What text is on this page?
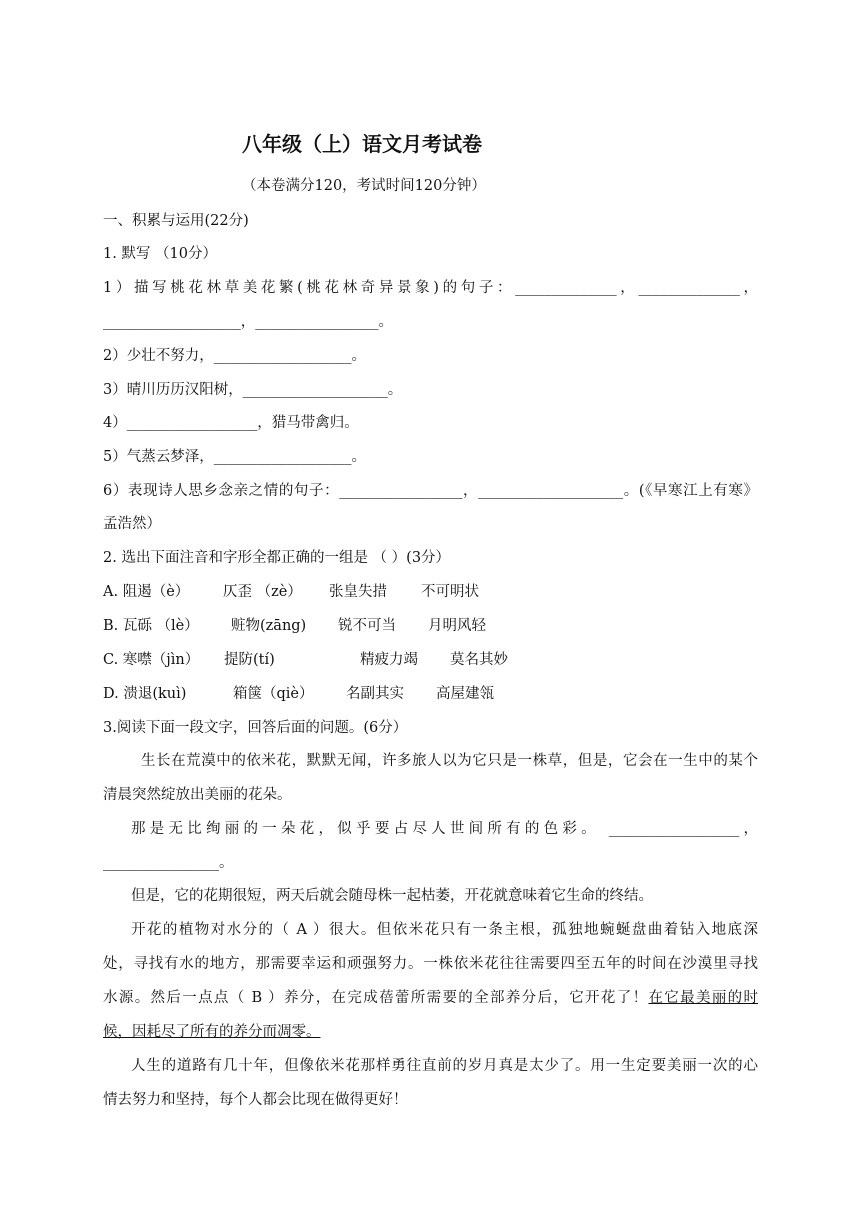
八年级（上）语文月考试卷
（本卷满分120，考试时间120分钟）
一、积累与运用(22分)
1. 默写 （10分）
1）描写桃花林草美花繁(桃花林奇异景象)的句子：______________，______________，
___________________，_________________。
2）少壮不努力，___________________。
3）晴川历历汉阳树，____________________。
4）__________________，猎马带禽归。
5）气蒸云梦泽，___________________。
6）表现诗人思乡念亲之情的句子：_________________，____________________。(《早寒江上有寒》
孟浩然）
2. 选出下面注音和字形全都正确的一组是 （ ）(3分）
A. 阻遏（è） 仄歪 （zè） 张皇失措 不可明状
B. 瓦砾 （lè） 赃物(zāng) 锐不可当 月明风轻
C. 寒噤（jìn） 提防(tí)	精疲力竭 莫名其妙
D. 溃退(kuì)	箱箧（qiè） 名副其实 高屋建瓴
3.阅读下面一段文字，回答后面的问题。(6分）
生长在荒漠中的依米花，默默无闻，许多旅人以为它只是一株草，但是，它会在一生中的某个
清晨突然绽放出美丽的花朵。
那是无比绚丽的一朵花，似乎要占尽人世间所有的色彩。 __________________，
________________。
但是，它的花期很短，两天后就会随母株一起枯萎，开花就意味着它生命的终结。
开花的植物对水分的（ A ）很大。但依米花只有一条主根，孤独地蜿蜒盘曲着钻入地底深
处，寻找有水的地方，那需要幸运和顽强努力。一株依米花往往需要四至五年的时间在沙漠里寻找
水源。然后一点点（ B ）养分，在完成蓓蕾所需要的全部养分后，它开花了！在它最美丽的时
候，因耗尽了所有的养分而凋零。
人生的道路有几十年，但像依米花那样勇往直前的岁月真是太少了。用一生定要美丽一次的心
情去努力和坚持，每个人都会比现在做得更好！
